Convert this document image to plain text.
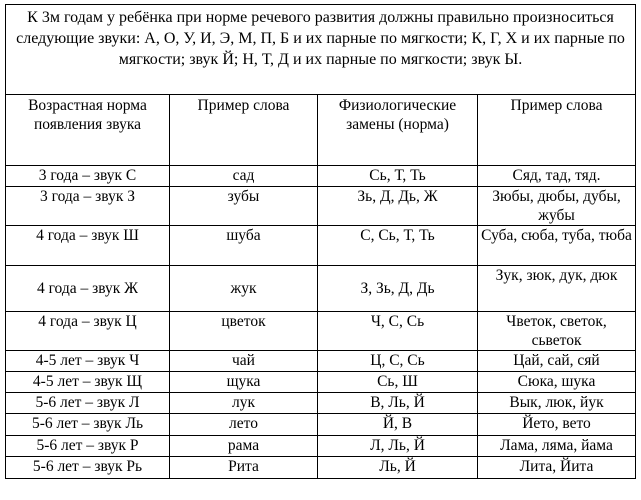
К 3м годам у ребёнка при норме речевого развития должны правильно произноситься следующие звуки: А, О, У, И, Э, М, П, Б и их парные по мягкости; К, Г, Х и их парные по мягкости; звук Й; Н, Т, Д и их парные по мягкости; звук Ы.			
Возрастная норма появления звука	Пример слова	Физиологические замены (норма)	Пример слова
3 года – звук С	сад	Сь, Т, Ть	Сяд, тад, тяд.
3 года – звук З	зубы	Зь, Д, Дь, Ж	Зюбы, дюбы, дубы, жубы
4 года – звук Ш	шуба	С, Сь, Т, Ть	Суба, сюба, туба, тюба
4 года – звук Ж	жук	З, Зь, Д, Дь	Зук, зюк, дук, дюк
4 года – звук Ц	цветок	Ч, С, Сь	Чветок, светок, сьветок
4-5 лет – звук Ч	чай	Ц, С, Сь	Цай, сай, сяй
4-5 лет – звук Щ	щука	Сь, Ш	Сюка, шука
5-6 лет – звук Л	лук	В, Ль, Й	Вык, люк, йук
5-6 лет – звук Ль	лето	Й, В	Йето, вето
5-6 лет – звук Р	рама	Л, Ль, Й	Лама, ляма, йама
5-6 лет – звук Рь	Рита	Ль, Й	Лита, Йита
